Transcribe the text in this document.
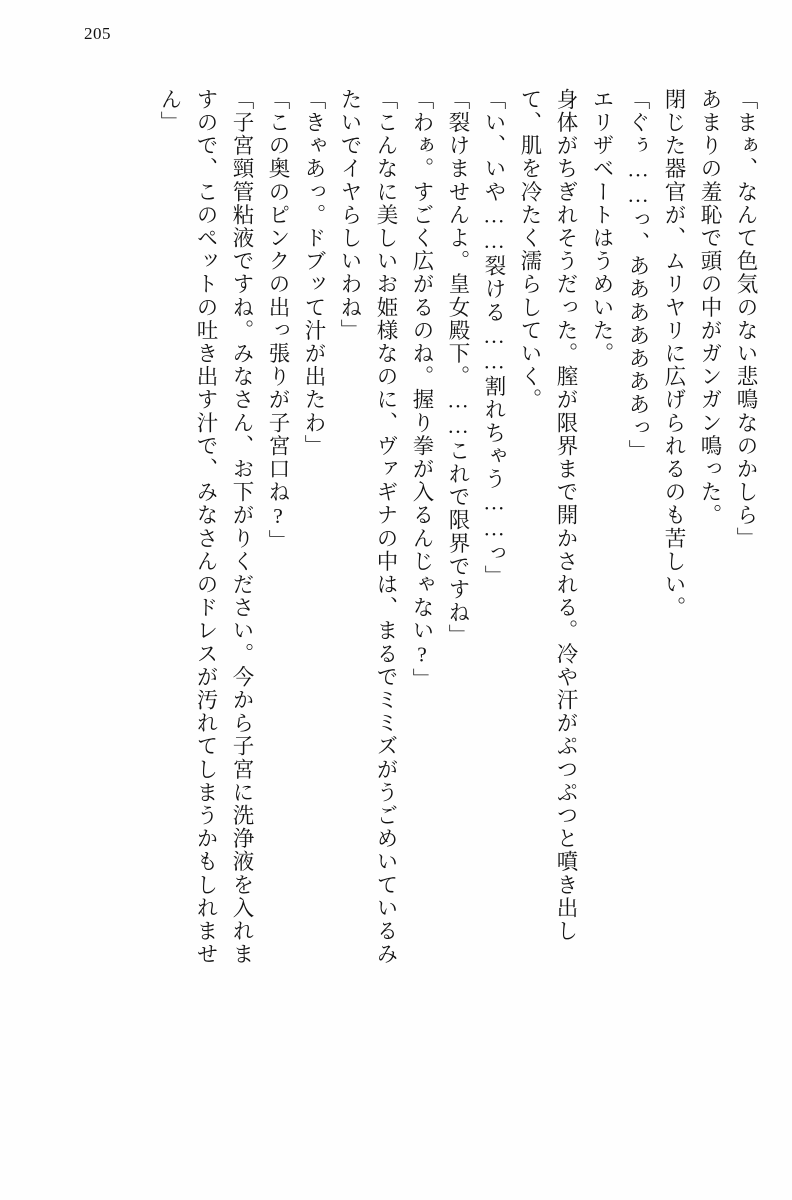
205
「まぁ、なんて色気のない悲鳴なのかしら」
あまりの羞恥で頭の中がガンガン鳴った。
閉じた器官が、ムリヤリに広げられるのも苦しい。
「ぐぅ……っ、あああああああっ」
エリザベートはうめいた。
身体がちぎれそうだった。膣が限界まで開かされる。冷や汗がぷつぷつと噴き出し
て、肌を冷たく濡らしていく。
「い、いや……裂ける……割れちゃう……っ」
「裂けませんよ。皇女殿下。……これで限界ですね」
「わぁ。すごく広がるのね。握り拳が入るんじゃない?」
「こんなに美しいお姫様なのに、ヴァギナの中は、まるでミミズがうごめいているみ
たいでイヤらしいわね」
「きゃあっ。ドブッて汁が出たわ」
「この奥のピンクの出っ張りが子宮口ね?」
「子宮頸管粘液ですね。みなさん、お下がりください。今から子宮に洗浄液を入れま
すので、このペットの吐き出す汁で、みなさんのドレスが汚れてしまうかもしれませ
ん」
